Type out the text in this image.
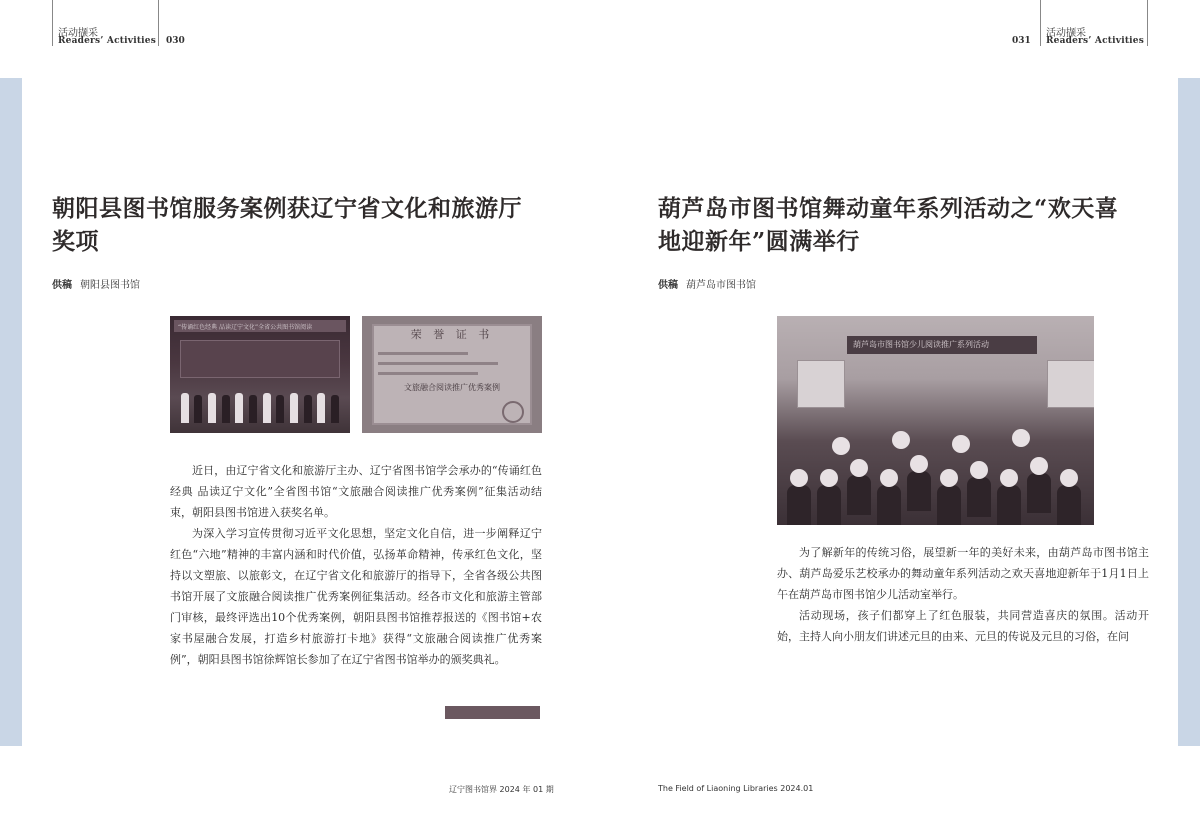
活动撷采
Readers’ Activities 030	031
活动撷采
Readers’ Activities
朝阳县图书馆服务案例获辽宁省文化和旅游厅
奖项
供稿 朝阳县图书馆
“传诵红色经典 品读辽宁文化”全省公共图书馆阅读
荣 誉 证 书
文旅融合阅读推广优秀案例

近日，由辽宁省文化和旅游厅主办、辽宁省图书馆学会承办的“传诵红色经典 品读辽宁文化”全省图书馆“文旅融合阅读推广优秀案例”征集活动结束，朝阳县图书馆进入获奖名单。

为深入学习宣传贯彻习近平文化思想，坚定文化自信，进一步阐释辽宁红色“六地”精神的丰富内涵和时代价值，弘扬革命精神，传承红色文化，坚持以文塑旅、以旅彰文，在辽宁省文化和旅游厅的指导下，全省各级公共图书馆开展了文旅融合阅读推广优秀案例征集活动。经各市文化和旅游主管部门审核，最终评选出10个优秀案例，朝阳县图书馆推荐报送的《图书馆+农家书屋融合发展，打造乡村旅游打卡地》获得“文旅融合阅读推广优秀案例”，朝阳县图书馆徐辉馆长参加了在辽宁省图书馆举办的颁奖典礼。

葫芦岛市图书馆舞动童年系列活动之“欢天喜
地迎新年”圆满举行
供稿 葫芦岛市图书馆
葫芦岛市图书馆少儿阅读推广系列活动

为了解新年的传统习俗，展望新一年的美好未来，由葫芦岛市图书馆主办、葫芦岛爱乐艺校承办的舞动童年系列活动之欢天喜地迎新年于1月1日上午在葫芦岛市图书馆少儿活动室举行。

活动现场，孩子们都穿上了红色服装，共同营造喜庆的氛围。活动开始，主持人向小朋友们讲述元旦的由来、元旦的传说及元旦的习俗，在问

辽宁图书馆界 2024 年 01 期	The Field of Liaoning Libraries 2024.01
